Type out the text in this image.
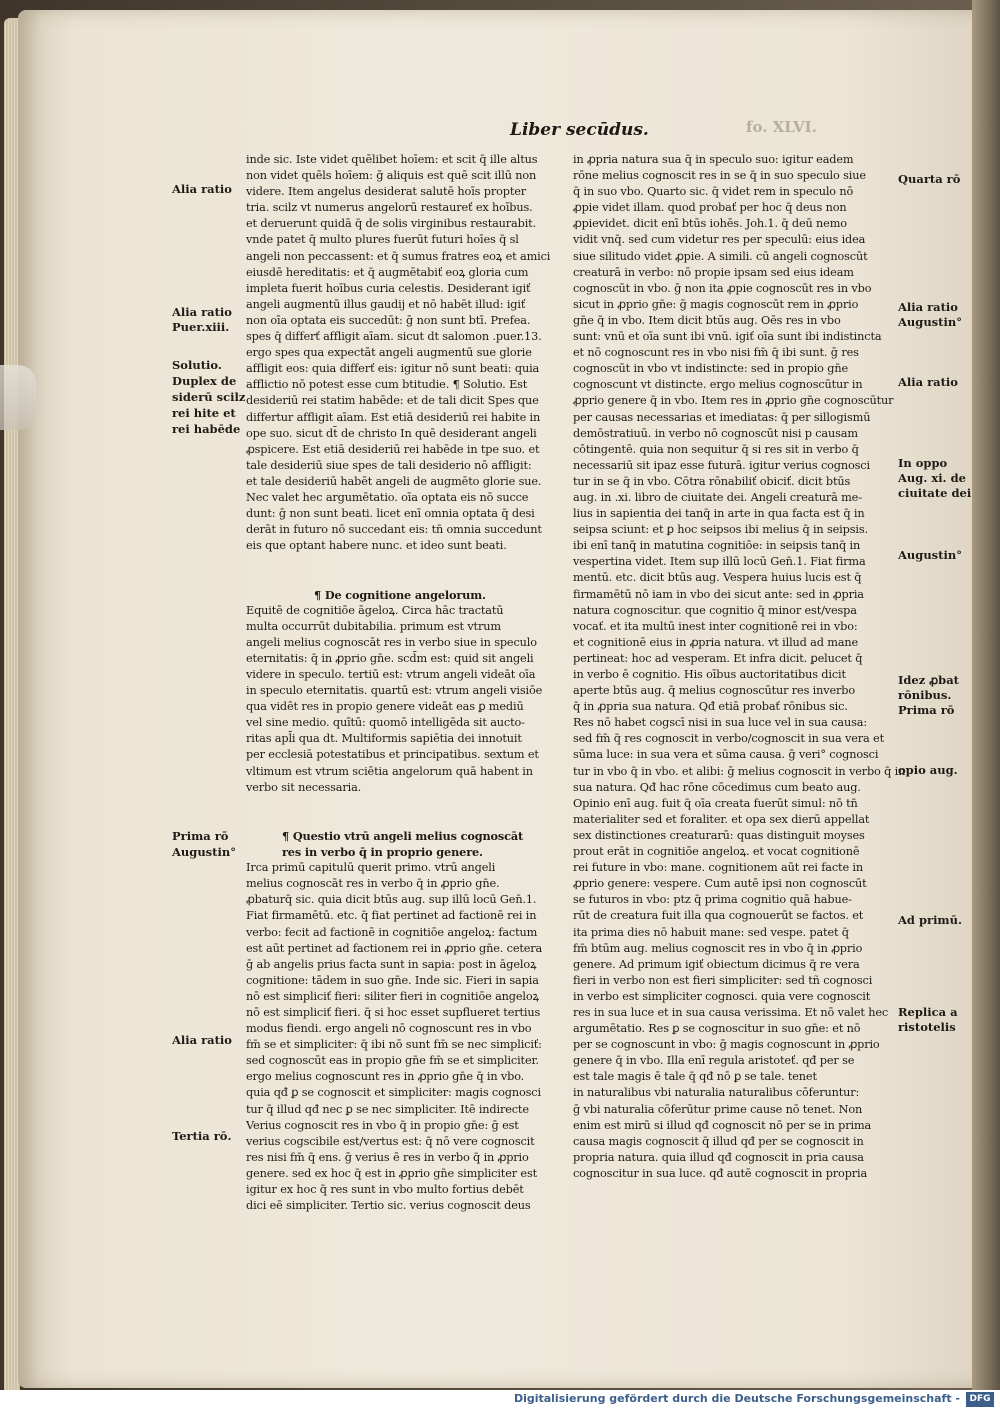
Liber secūdus.	fo. XLVI.

inde sic. Iste videt quēlibet hoīem: et scit q̄ ille altus

non videt quēls hoīem: ḡ aliquis est quē scit illū non

videre. Item angelus desiderat salutē hoīs propter

tria. scilz vt numerus angelorū restaureť ex hoībus.

et deruerunt quidā q̄ de solis virginibus restaurabit.

vnde patet q̄ multo plures fuerūt futuri hoīes q̄ sl

angeli non peccassent: et q̄ sumus fratres eoꝝ et amici

eiusdē hereditatis: et q̄ augmētabiť eoꝝ gloria cum

impleta fuerit hoībus curia celestis. Desiderant igiť

angeli augmentū illus gaudij et nō habēt illud: igiť

non oīa optata eis succedūt: ḡ non sunt btī. Prefea.

spes q̄ differť affligit aīam. sicut dt salomon .puer.13.

ergo spes qua expectāt angeli augmentū sue glorie

affligit eos: quia differť eis: igitur nō sunt beati: quia

afflictio nō potest esse cum btitudie. ¶ Solutio. Est

desideriū rei statim habēde: et de tali dicit Spes que

differtur affligit aīam. Est etiā desideriū rei habite in

ope suo. sicut dt̄ de christo In quē desiderant angeli

ꝓspicere. Est etiā desideriū rei habēde in tpe suo. et

tale desideriū siue spes de tali desiderio nō affligit:

et tale desideriū habēt angeli de augmēto glorie sue.

Nec valet hec argumētatio. oīa optata eis nō succe

dunt: ḡ non sunt beati. licet enī omnia optata q̄ desi

derāt in futuro nō succedant eis: tn̄ omnia succedunt

eis que optant habere nunc. et ideo sunt beati.

¶ De cognitione angelorum.

Equitē de cognitiōe āgeloꝝ. Circa hāc tractatū

multa occurrūt dubitabilia. primum est vtrum

angeli melius cognoscāt res in verbo siue in speculo

eternitatis: q̄ in ꝓprio gn̄e. scd̄m est: quid sit angeli

videre in speculo. tertiū est: vtrum angeli videāt oīa

in speculo eternitatis. quartū est: vtrum angeli visiōe

qua vidēt res in propio genere videāt eas ꝑ mediū

vel sine medio. quītū: quomō intelligēda sit aucto-

ritas apl̄i qua dt. Multiformis sapiētia dei innotuit

per ecclesiā potestatibus et principatibus. sextum et

vltimum est vtrum sciētia angelorum quā habent in

verbo sit necessaria.

¶ Questio vtrū angeli melius cognoscāt

res in verbo q̄ in proprio genere.

Irca primū capitulū querit primo. vtrū angeli

melius cognoscāt res in verbo q̄ in ꝓprio gn̄e.

ꝓbaturq̄ sic. quia dicit btūs aug. sup illū locū Gen̄.1.

Fiat firmamētū. etc. q̄ fiat pertinet ad factionē rei in

verbo: fecit ad factionē in cognitiōe angeloꝝ: factum

est aūt pertinet ad factionem rei in ꝓprio gn̄e. cetera

ḡ ab angelis prius facta sunt in sapia: post in āgeloꝝ

cognitione: tādem in suo gn̄e. Inde sic. Fieri in sapia

nō est simpliciť fieri: siliter fieri in cognitiōe angeloꝝ

nō est simpliciť fieri. q̄ si hoc esset supflueret tertius

modus fiendi. ergo angeli nō cognoscunt res in vbo

fm̄ se et simpliciter: q̄ ibi nō sunt fm̄ se nec simpliciť:

sed cognoscūt eas in propio gn̄e fm̄ se et simpliciter.

ergo melius cognoscunt res in ꝓprio gn̄e q̄ in vbo.

quia qđ ꝑ se cognoscit et simpliciter: magis cognosci

tur q̄ illud qđ nec ꝑ se nec simpliciter. Itē indirecte

Verius cognoscit res in vbo q̄ in propio gn̄e: ḡ est

verius cogscibile est/vertus est: q̄ nō vere cognoscit

res nisi fm̄ q̄ ens. ḡ verius ē res in verbo q̄ in ꝓprio

genere. sed ex hoc q̄ est in ꝓprio gn̄e simpliciter est

igitur ex hoc q̄ res sunt in vbo multo fortius debēt

dici eē simpliciter. Tertio sic. verius cognoscit deus

in ꝓpria natura sua q̄ in speculo suo: igitur eadem

rōne melius cognoscit res in se q̄ in suo speculo siue

q̄ in suo vbo. Quarto sic. q̄ videt rem in speculo nō

ꝓpie videt illam. quod probať per hoc q̄ deus non

ꝓpievidet. dicit enī btūs iohēs. Joh.1. q̄ deū nemo

vidit vnq̄. sed cum videtur res per speculū: eius idea

siue silitudo videt ꝓpie. A simili. cū angeli cognoscūt

creaturā in verbo: nō propie ipsam sed eius ideam

cognoscūt in vbo. ḡ non ita ꝓpie cognoscūt res in vbo

sicut in ꝓprio gn̄e: ḡ magis cognoscūt rem in ꝓprio

gn̄e q̄ in vbo. Item dicit btūs aug. Oēs res in vbo

sunt: vnū et oīa sunt ibi vnū. igiť oīa sunt ibi indistincta

et nō cognoscunt res in vbo nisi fm̄ q̄ ibi sunt. ḡ res

cognoscūt in vbo vt indistincte: sed in propio gn̄e

cognoscunt vt distincte. ergo melius cognoscūtur in

ꝓprio genere q̄ in vbo. Item res in ꝓprio gn̄e cognoscūtur

per causas necessarias et imediatas: q̄ per sillogismū

demōstratiuū. in verbo nō cognoscūt nisi p causam

cōtingentē. quia non sequitur q̄ si res sit in verbo q̄

necessariū sit ipaz esse futurā. igitur verius cognosci

tur in se q̄ in vbo. Cōtra rōnabiliť obiciť. dicit btūs

aug. in .xi. libro de ciuitate dei. Angeli creaturā me-

lius in sapientia dei tanq̄ in arte in qua facta est q̄ in

seipsa sciunt: et ꝑ hoc seipsos ibi melius q̄ in seipsis.

ibi enī tanq̄ in matutina cognitiōe: in seipsis tanq̄ in

vespertina videt. Item sup illū locū Gen̄.1. Fiat firma

mentū. etc. dicit btūs aug. Vespera huius lucis est q̄

firmamētū nō iam in vbo dei sicut ante: sed in ꝓpria

natura cognoscitur. que cognitio q̄ minor est/vespa

vocať. et ita multū inest inter cognitionē rei in vbo:

et cognitionē eius in ꝓpria natura. vt illud ad mane

pertineat: hoc ad vesperam. Et infra dicit. ꝑelucet q̄

in verbo ē cognitio. His oībus auctoritatibus dicit

aperte btūs aug. q̄ melius cognoscūtur res inverbo

q̄ in ꝓpria sua natura. Qđ etiā probať rōnibus sic.

Res nō habet cogscī nisi in sua luce vel in sua causa:

sed fm̄ q̄ res cognoscit in verbo/cognoscit in sua vera et

sūma luce: in sua vera et sūma causa. ḡ veri° cognosci

tur in vbo q̄ in vbo. et alibi: ḡ melius cognoscit in verbo q̄ in

sua natura. Qđ hac rōne cōcedimus cum beato aug.

Opinio enī aug. fuit q̄ oīa creata fuerūt simul: nō tn̄

materialiter sed et foraliter. et opa sex dierū appellat

sex distinctiones creaturarū: quas distinguit moyses

prout erāt in cognitiōe angeloꝝ. et vocat cognitionē

rei future in vbo: mane. cognitionem aūt rei facte in

ꝓprio genere: vespere. Cum autē ipsi non cognoscūt

se futuros in vbo: ptz q̄ prima cognitio quā habue-

rūt de creatura fuit illa qua cognouerūt se factos. et

ita prima dies nō habuit mane: sed vespe. patet q̄

fm̄ btūm aug. melius cognoscit res in vbo q̄ in ꝓprio

genere. Ad primum igiť obiectum dicimus q̄ re vera

fieri in verbo non est fieri simpliciter: sed tñ cognosci

in verbo est simpliciter cognosci. quia vere cognoscit

res in sua luce et in sua causa verissima. Et nō valet hec

argumētatio. Res ꝑ se cognoscitur in suo gn̄e: et nō

per se cognoscunt in vbo: ḡ magis cognoscunt in ꝓprio

genere q̄ in vbo. Illa enī regula aristoteť. qđ per se

est tale magis ē tale q̄ qđ nō ꝑ se tale. tenet

in naturalibus vbi naturalia naturalibus cōferuntur:

ḡ vbi naturalia cōferūtur prime cause nō tenet. Non

enim est mirū si illud qđ cognoscit nō per se in prima

causa magis cognoscit q̄ illud qđ per se cognoscit in

propria natura. quia illud qđ cognoscit in pria causa

cognoscitur in sua luce. qđ autē cognoscit in propria

Alia ratio
Alia ratio
Puer.xiii.
Solutio.
Duplex de
siderū scilz
rei hite et
rei habēde
Prima rō
Augustin°
Alia ratio
Tertia rō.
Quarta rō
Alia ratio
Augustin°
Alia ratio
In oppo
Aug. xi. de
ciuitate dei
Augustin°
Idez ꝓbat
rōnibus.
Prima rō
opio aug.
Ad primū.
Replica a
ristotelis
Digitalisierung gefördert durch die Deutsche Forschungsgemeinschaft -	DFG
